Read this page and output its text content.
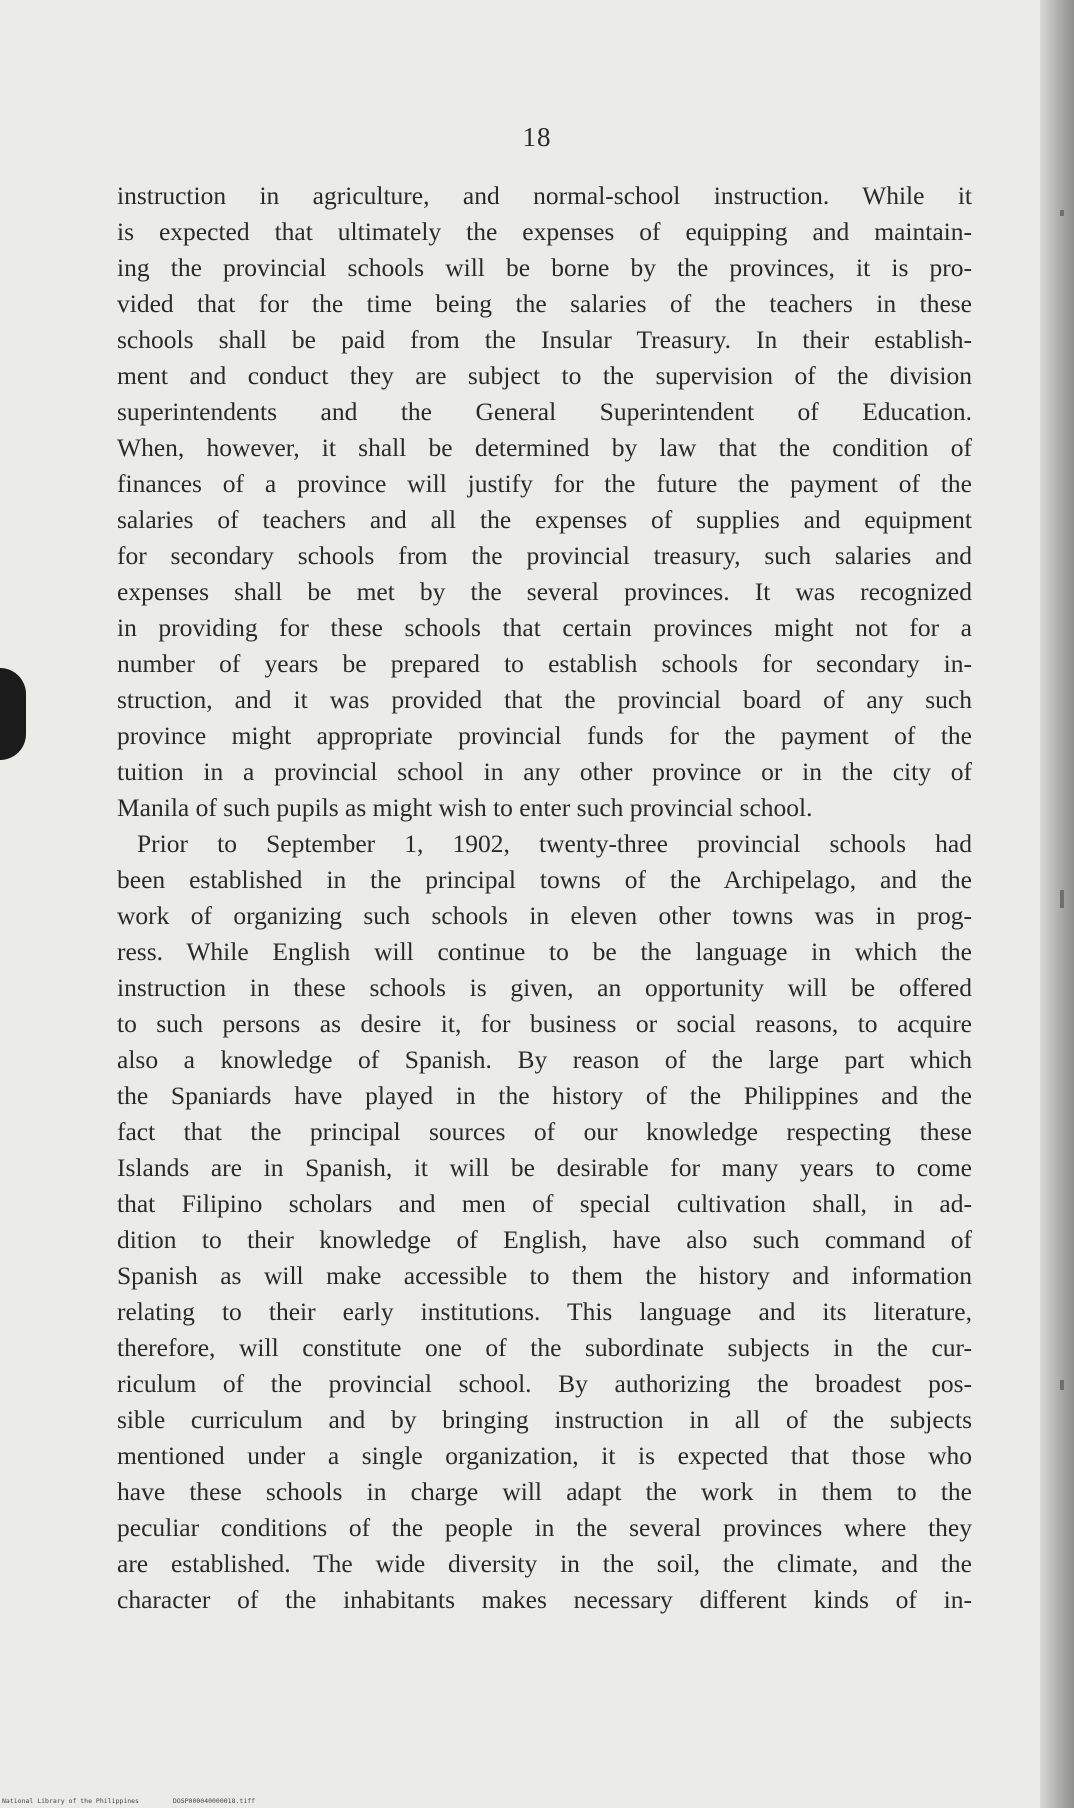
18
instruction in agriculture, and normal-school instruction. While it
is expected that ultimately the expenses of equipping and maintain-
ing the provincial schools will be borne by the provinces, it is pro-
vided that for the time being the salaries of the teachers in these
schools shall be paid from the Insular Treasury. In their establish-
ment and conduct they are subject to the supervision of the division
superintendents and the General Superintendent of Education.
When, however, it shall be determined by law that the condition of
finances of a province will justify for the future the payment of the
salaries of teachers and all the expenses of supplies and equipment
for secondary schools from the provincial treasury, such salaries and
expenses shall be met by the several provinces. It was recognized
in providing for these schools that certain provinces might not for a
number of years be prepared to establish schools for secondary in-
struction, and it was provided that the provincial board of any such
province might appropriate provincial funds for the payment of the
tuition in a provincial school in any other province or in the city of
Manila of such pupils as might wish to enter such provincial school.
Prior to September 1, 1902, twenty-three provincial schools had
been established in the principal towns of the Archipelago, and the
work of organizing such schools in eleven other towns was in prog-
ress. While English will continue to be the language in which the
instruction in these schools is given, an opportunity will be offered
to such persons as desire it, for business or social reasons, to acquire
also a knowledge of Spanish. By reason of the large part which
the Spaniards have played in the history of the Philippines and the
fact that the principal sources of our knowledge respecting these
Islands are in Spanish, it will be desirable for many years to come
that Filipino scholars and men of special cultivation shall, in ad-
dition to their knowledge of English, have also such command of
Spanish as will make accessible to them the history and information
relating to their early institutions. This language and its literature,
therefore, will constitute one of the subordinate subjects in the cur-
riculum of the provincial school. By authorizing the broadest pos-
sible curriculum and by bringing instruction in all of the subjects
mentioned under a single organization, it is expected that those who
have these schools in charge will adapt the work in them to the
peculiar conditions of the people in the several provinces where they
are established. The wide diversity in the soil, the climate, and the
character of the inhabitants makes necessary different kinds of in-
National Library of the Philippines	DOSP000040000018.tiff
